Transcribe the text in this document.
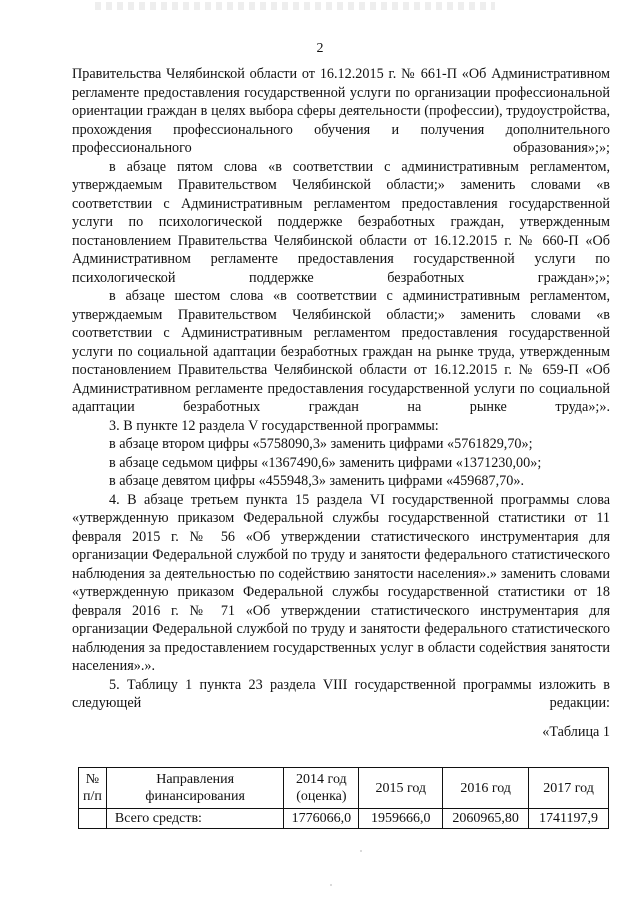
2

Правительства Челябинской области от 16.12.2015 г. № 661-П «Об Административном регламенте предоставления государственной услуги по организации профессиональной ориентации граждан в целях выбора сферы деятельности (профессии), трудоустройства, прохождения профессионального обучения и получения дополнительного профессионального образования»;»;

в абзаце пятом слова «в соответствии с административным регламентом, утверждаемым Правительством Челябинской области;» заменить словами «в соответствии с Административным регламентом предоставления государственной услуги по психологической поддержке безработных граждан, утвержденным постановлением Правительства Челябинской области от 16.12.2015 г. № 660-П «Об Административном регламенте предоставления государственной услуги по психологической поддержке безработных граждан»;»;

в абзаце шестом слова «в соответствии с административным регламентом, утверждаемым Правительством Челябинской области;» заменить словами «в соответствии с Административным регламентом предоставления государственной услуги по социальной адаптации безработных граждан на рынке труда, утвержденным постановлением Правительства Челябинской области от 16.12.2015 г. № 659-П «Об Административном регламенте предоставления государственной услуги по социальной адаптации безработных граждан на рынке труда»;».

3. В пункте 12 раздела V государственной программы:

в абзаце втором цифры «5758090,3» заменить цифрами «5761829,70»;

в абзаце седьмом цифры «1367490,6» заменить цифрами «1371230,00»;

в абзаце девятом цифры «455948,3» заменить цифрами «459687,70».

4. В абзаце третьем пункта 15 раздела VI государственной программы слова «утвержденную приказом Федеральной службы государственной статистики от 11 февраля 2015 г. № 56 «Об утверждении статистического инструментария для организации Федеральной службой по труду и занятости федерального статистического наблюдения за деятельностью по содействию занятости населения».» заменить словами «утвержденную приказом Федеральной службы государственной статистики от 18 февраля 2016 г. № 71 «Об утверждении статистического инструментария для организации Федеральной службой по труду и занятости федерального статистического наблюдения за предоставлением государственных услуг в области содействия занятости населения».».

5. Таблицу 1 пункта 23 раздела VIII государственной программы изложить в следующей редакции:

«Таблица 1

№ п/п	Направления финансирования	2014 год (оценка)	2015 год	2016 год	2017 год
	Всего средств:	1776066,0	1959666,0	2060965,80	1741197,9
